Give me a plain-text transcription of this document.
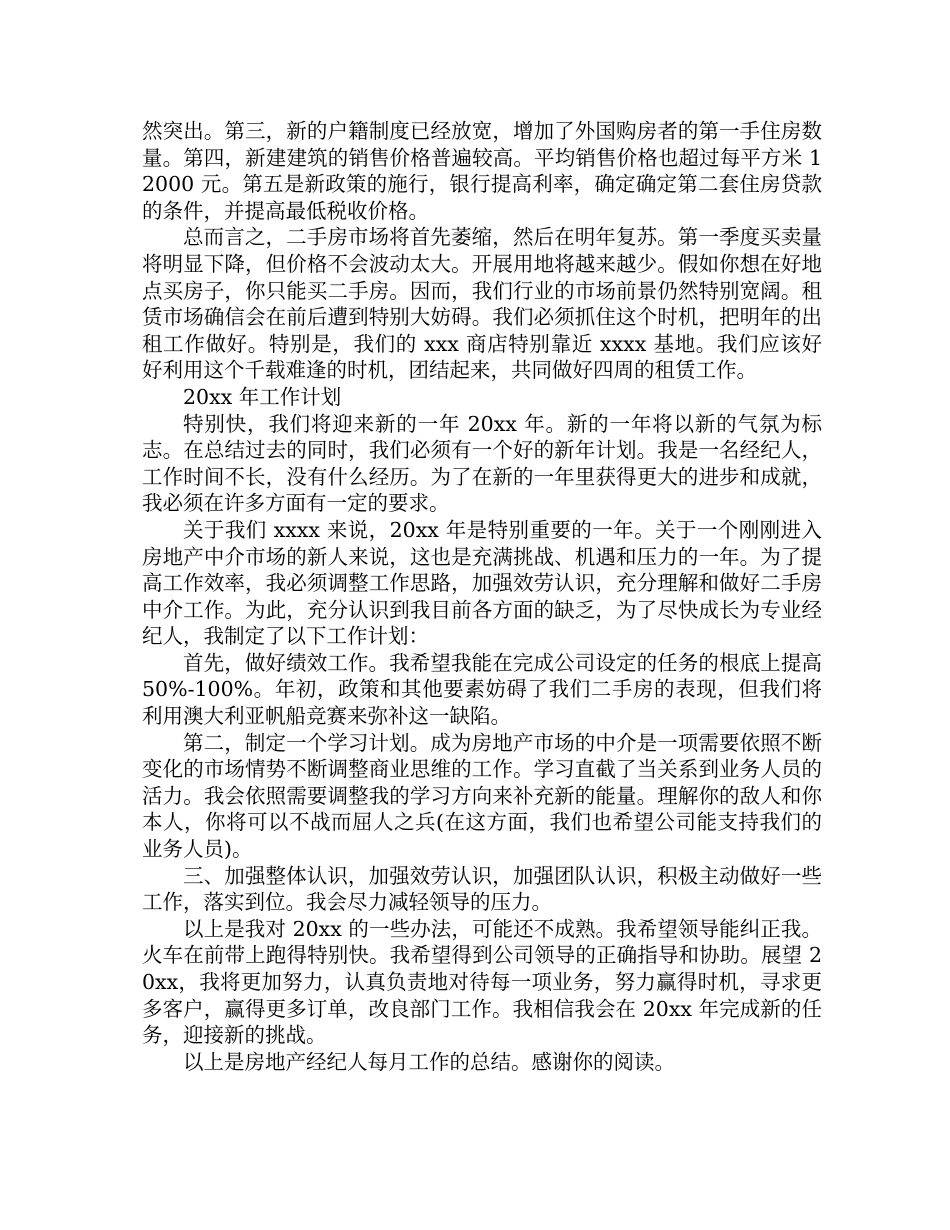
然突出。第三，新的户籍制度已经放宽，增加了外国购房者的第一手住房数量。第四，新建建筑的销售价格普遍较高。平均销售价格也超过每平方米 12000 元。第五是新政策的施行，银行提高利率，确定确定第二套住房贷款的条件，并提高最低税收价格。

总而言之，二手房市场将首先萎缩，然后在明年复苏。第一季度买卖量将明显下降，但价格不会波动太大。开展用地将越来越少。假如你想在好地点买房子，你只能买二手房。因而，我们行业的市场前景仍然特别宽阔。租赁市场确信会在前后遭到特别大妨碍。我们必须抓住这个时机，把明年的出租工作做好。特别是，我们的 xxx 商店特别靠近 xxxx 基地。我们应该好好利用这个千载难逢的时机，团结起来，共同做好四周的租赁工作。

20xx 年工作计划

特别快，我们将迎来新的一年 20xx 年。新的一年将以新的气氛为标志。在总结过去的同时，我们必须有一个好的新年计划。我是一名经纪人，工作时间不长，没有什么经历。为了在新的一年里获得更大的进步和成就，我必须在许多方面有一定的要求。

关于我们 xxxx 来说，20xx 年是特别重要的一年。关于一个刚刚进入房地产中介市场的新人来说，这也是充满挑战、机遇和压力的一年。为了提高工作效率，我必须调整工作思路，加强效劳认识，充分理解和做好二手房中介工作。为此，充分认识到我目前各方面的缺乏，为了尽快成长为专业经纪人，我制定了以下工作计划：

首先，做好绩效工作。我希望我能在完成公司设定的任务的根底上提高 50%-100%。年初，政策和其他要素妨碍了我们二手房的表现，但我们将利用澳大利亚帆船竞赛来弥补这一缺陷。

第二，制定一个学习计划。成为房地产市场的中介是一项需要依照不断变化的市场情势不断调整商业思维的工作。学习直截了当关系到业务人员的活力。我会依照需要调整我的学习方向来补充新的能量。理解你的敌人和你本人，你将可以不战而屈人之兵(在这方面，我们也希望公司能支持我们的业务人员)。

三、加强整体认识，加强效劳认识，加强团队认识，积极主动做好一些工作，落实到位。我会尽力减轻领导的压力。

以上是我对 20xx 的一些办法，可能还不成熟。我希望领导能纠正我。火车在前带上跑得特别快。我希望得到公司领导的正确指导和协助。展望 20xx，我将更加努力，认真负责地对待每一项业务，努力赢得时机，寻求更多客户，赢得更多订单，改良部门工作。我相信我会在 20xx 年完成新的任务，迎接新的挑战。

以上是房地产经纪人每月工作的总结。感谢你的阅读。
